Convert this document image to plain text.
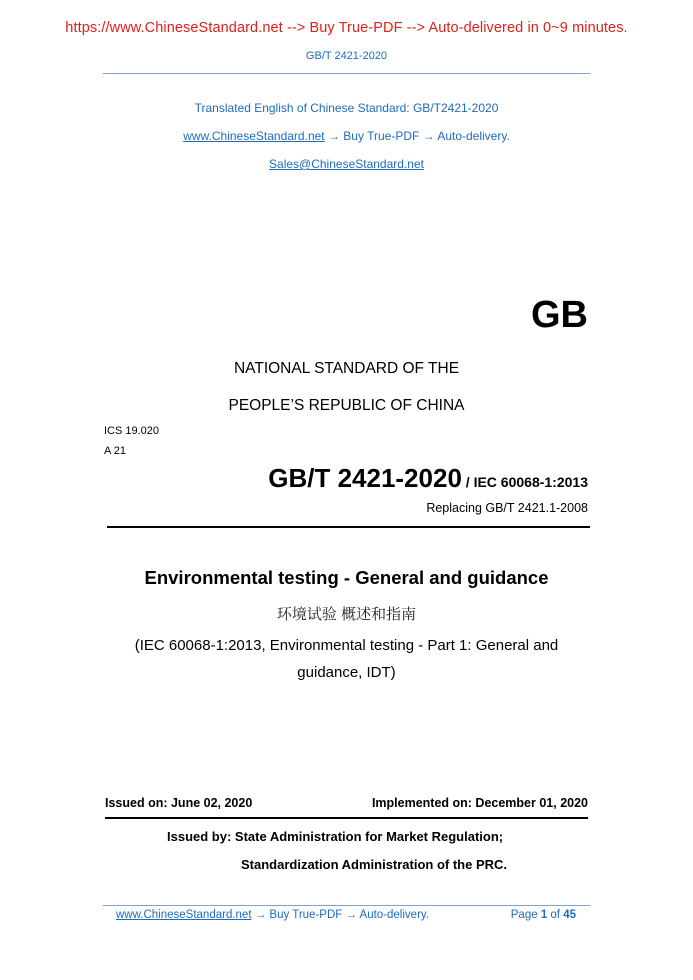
https://www.ChineseStandard.net --> Buy True-PDF --> Auto-delivered in 0~9 minutes.
GB/T 2421-2020
Translated English of Chinese Standard: GB/T2421-2020
www.ChineseStandard.net → Buy True-PDF → Auto-delivery.
Sales@ChineseStandard.net
GB
NATIONAL STANDARD OF THE
PEOPLE’S REPUBLIC OF CHINA
ICS 19.020
A 21
GB/T 2421-2020 / IEC 60068-1:2013
Replacing GB/T 2421.1-2008
Environmental testing - General and guidance
环境试验 概述和指南
(IEC 60068-1:2013, Environmental testing - Part 1: General and
guidance, IDT)
Issued on: June 02, 2020	Implemented on: December 01, 2020
Issued by: State Administration for Market Regulation;
Standardization Administration of the PRC.
www.ChineseStandard.net → Buy True-PDF → Auto-delivery.	Page 1 of 45
